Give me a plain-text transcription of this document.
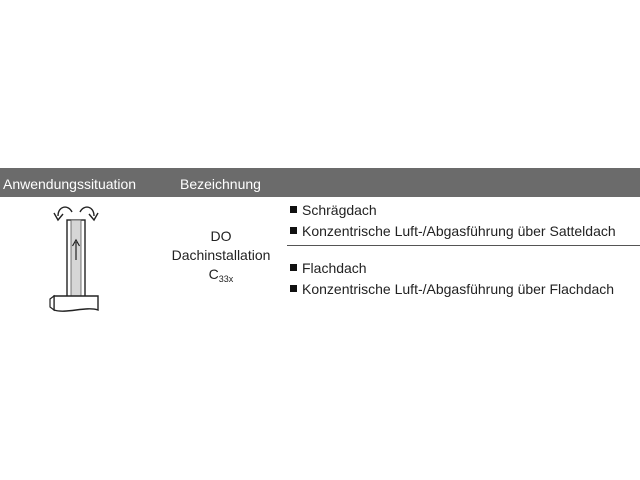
Anwendungssituation	Bezeichnung
DO
Dachinstallation
$C_{33x}$
Schrägdach
Konzentrische Luft-/Abgasführung über Satteldach
Flachdach
Konzentrische Luft-/Abgasführung über Flachdach
